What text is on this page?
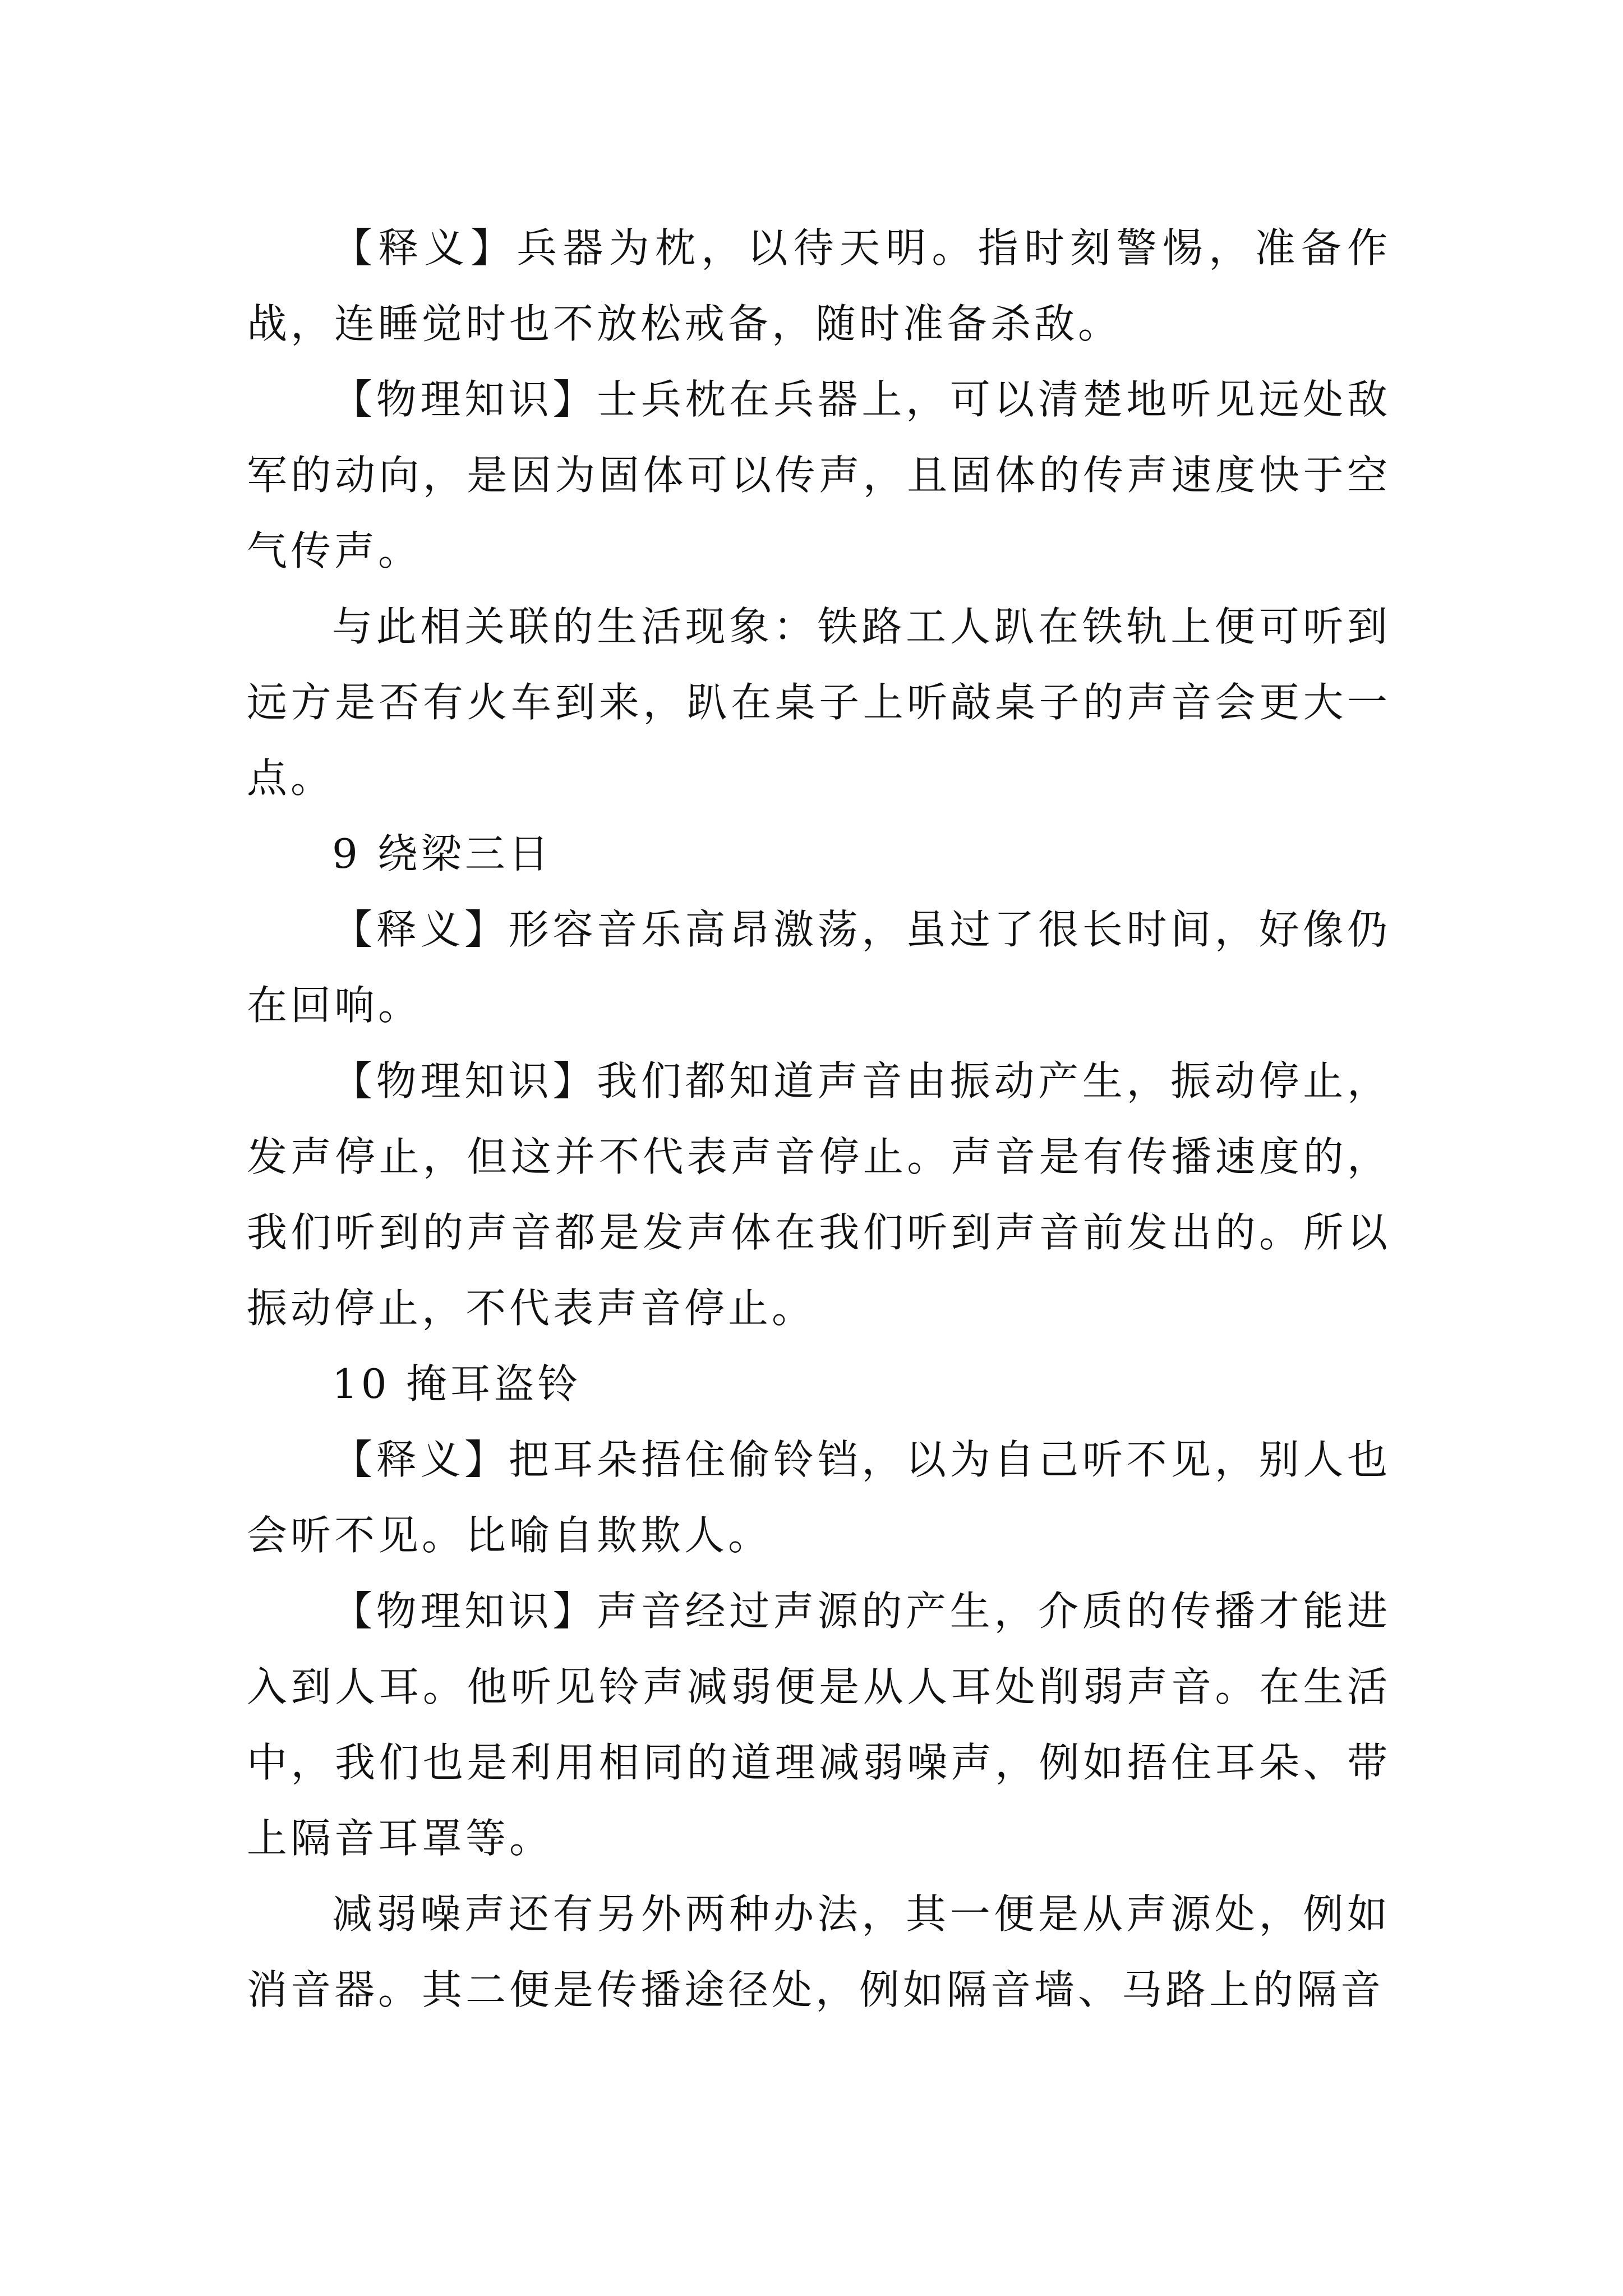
【释义】兵器为枕，以待天明。指时刻警惕，准备作战，连睡觉时也不放松戒备，随时准备杀敌。

【物理知识】士兵枕在兵器上，可以清楚地听见远处敌军的动向，是因为固体可以传声，且固体的传声速度快于空气传声。

与此相关联的生活现象：铁路工人趴在铁轨上便可听到远方是否有火车到来，趴在桌子上听敲桌子的声音会更大一点。

9 绕梁三日

【释义】形容音乐高昂激荡，虽过了很长时间，好像仍在回响。

【物理知识】我们都知道声音由振动产生，振动停止，发声停止，但这并不代表声音停止。声音是有传播速度的，我们听到的声音都是发声体在我们听到声音前发出的。所以振动停止，不代表声音停止。

10 掩耳盗铃

【释义】把耳朵捂住偷铃铛，以为自己听不见，别人也会听不见。比喻自欺欺人。

【物理知识】声音经过声源的产生，介质的传播才能进入到人耳。他听见铃声减弱便是从人耳处削弱声音。在生活中，我们也是利用相同的道理减弱噪声，例如捂住耳朵、带上隔音耳罩等。

减弱噪声还有另外两种办法，其一便是从声源处，例如消音器。其二便是传播途径处，例如隔音墙、马路上的隔音
